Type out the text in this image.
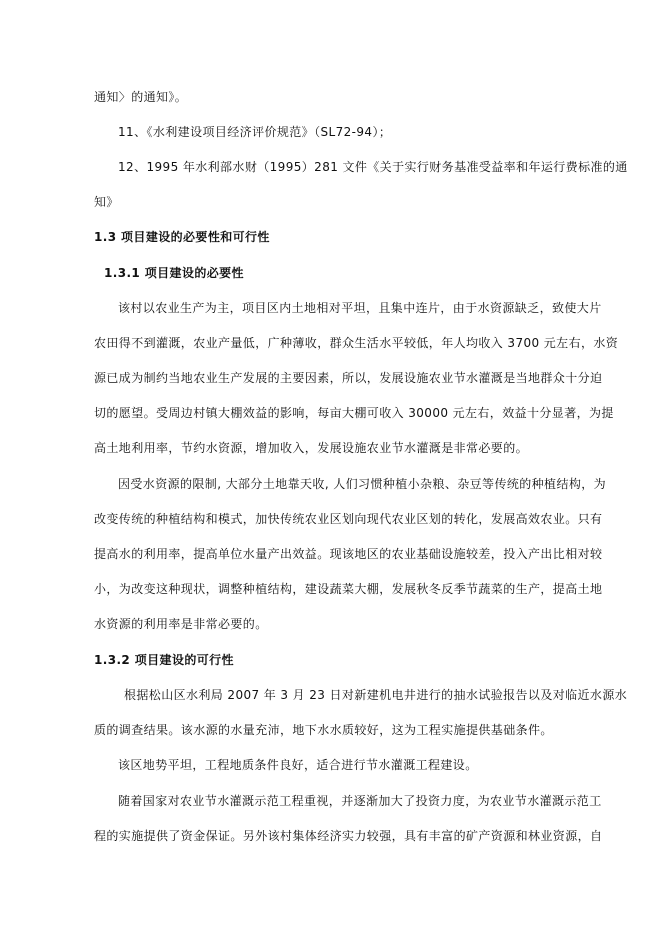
通知〉的通知》。
11、《水利建设项目经济评价规范》（SL72-94）；
12、1995 年水利部水财（1995）281 文件《关于实行财务基准受益率和年运行费标准的通
知》
1.3 项目建设的必要性和可行性
1.3.1 项目建设的必要性
该村以农业生产为主，项目区内土地相对平坦，且集中连片，由于水资源缺乏，致使大片
农田得不到灌溉，农业产量低，广种薄收，群众生活水平较低，年人均收入 3700 元左右，水资
源已成为制约当地农业生产发展的主要因素，所以，发展设施农业节水灌溉是当地群众十分迫
切的愿望。受周边村镇大棚效益的影响，每亩大棚可收入 30000 元左右，效益十分显著，为提
高土地利用率，节约水资源，增加收入，发展设施农业节水灌溉是非常必要的。
因受水资源的限制, 大部分土地靠天收, 人们习惯种植小杂粮、杂豆等传统的种植结构，为
改变传统的种植结构和模式，加快传统农业区划向现代农业区划的转化，发展高效农业。只有
提高水的利用率，提高单位水量产出效益。现该地区的农业基础设施较差，投入产出比相对较
小，为改变这种现状，调整种植结构，建设蔬菜大棚，发展秋冬反季节蔬菜的生产，提高土地
水资源的利用率是非常必要的。
1.3.2 项目建设的可行性
根据松山区水利局 2007 年 3 月 23 日对新建机电井进行的抽水试验报告以及对临近水源水
质的调查结果。该水源的水量充沛，地下水水质较好，这为工程实施提供基础条件。
该区地势平坦，工程地质条件良好，适合进行节水灌溉工程建设。
随着国家对农业节水灌溉示范工程重视，并逐渐加大了投资力度，为农业节水灌溉示范工
程的实施提供了资金保证。另外该村集体经济实力较强，具有丰富的矿产资源和林业资源，自
